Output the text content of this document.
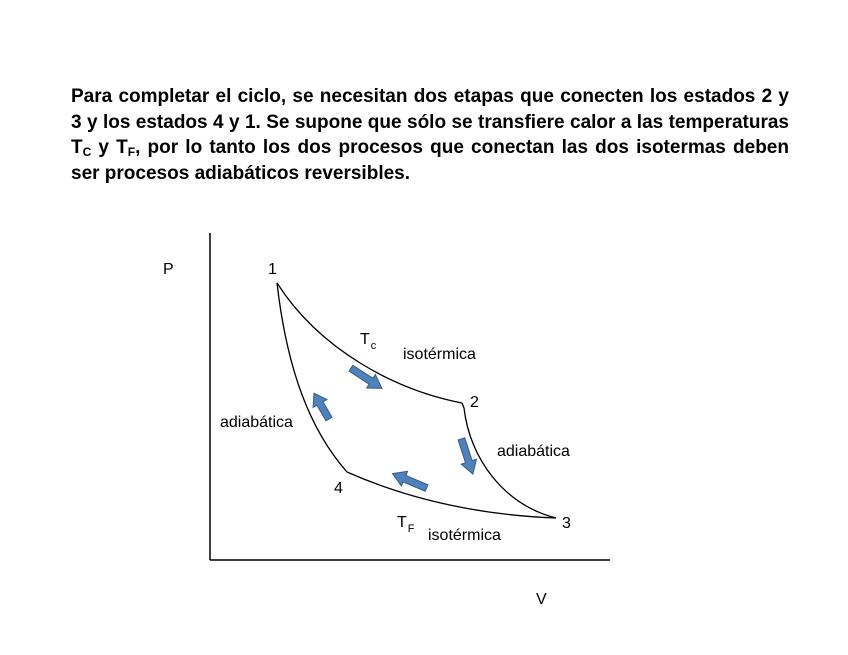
Para completar el ciclo, se necesitan dos etapas que conecten los estados 2 y 3 y los estados 4 y 1. Se supone que sólo se transfiere calor a las temperaturas $T_C$ y $T_F$, por lo tanto los dos procesos que conectan las dos isotermas deben ser procesos adiabáticos reversibles.

P
V
1
2
3
4
$T_c$ isotérmica
$T_F$ isotérmica
adiabática
adiabática
